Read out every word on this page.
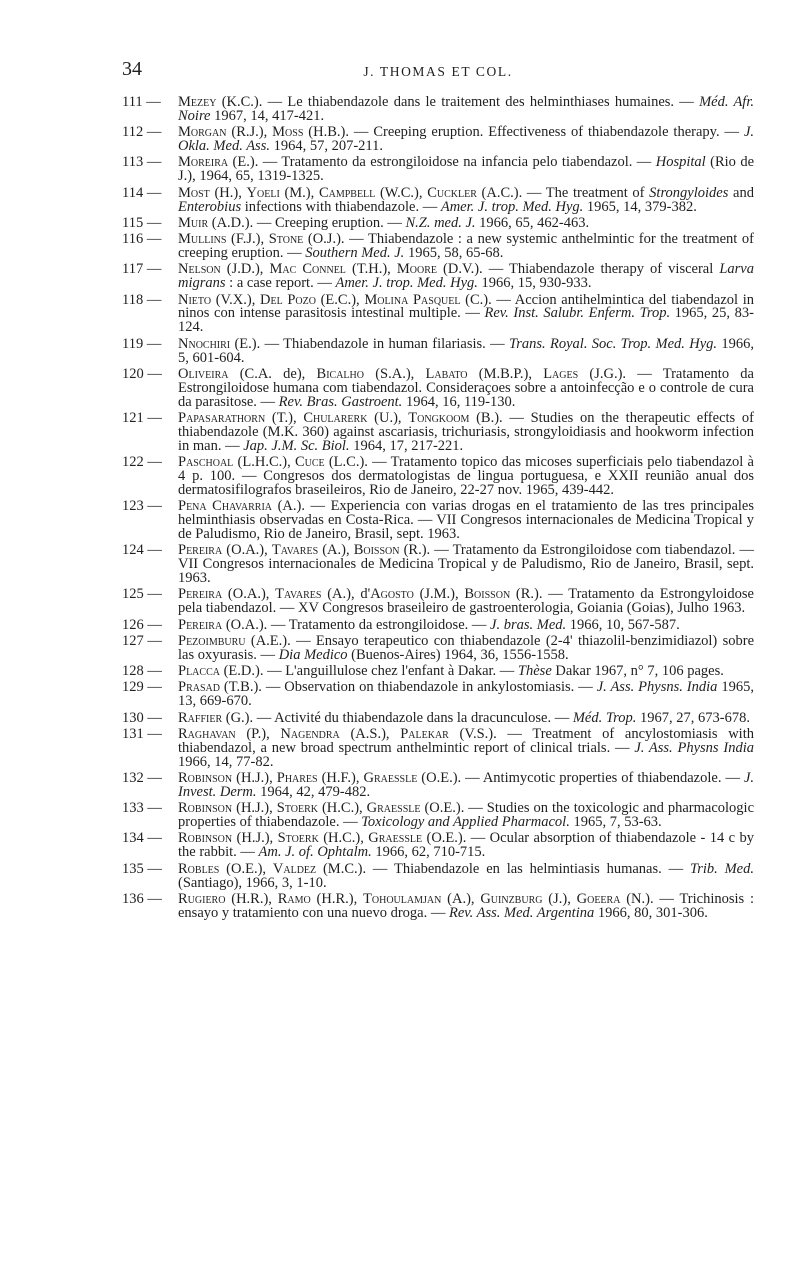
34	J. THOMAS ET COL.
111 —	Mezey (K.C.). — Le thiabendazole dans le traitement des helminthiases humaines. — Méd. Afr. Noire 1967, 14, 417-421.
112 —	Morgan (R.J.), Moss (H.B.). — Creeping eruption. Effectiveness of thiabendazole therapy. — J. Okla. Med. Ass. 1964, 57, 207-211.
113 —	Moreira (E.). — Tratamento da estrongiloidose na infancia pelo tiabendazol. — Hospital (Rio de J.), 1964, 65, 1319-1325.
114 —	Most (H.), Yoeli (M.), Campbell (W.C.), Cuckler (A.C.). — The treatment of Strongyloides and Enterobius infections with thiabendazole. — Amer. J. trop. Med. Hyg. 1965, 14, 379-382.
115 —	Muir (A.D.). — Creeping eruption. — N.Z. med. J. 1966, 65, 462-463.
116 —	Mullins (F.J.), Stone (O.J.). — Thiabendazole : a new systemic anthelmintic for the treatment of creeping eruption. — Southern Med. J. 1965, 58, 65-68.
117 —	Nelson (J.D.), Mac Connel (T.H.), Moore (D.V.). — Thiabendazole therapy of visceral Larva migrans : a case report. — Amer. J. trop. Med. Hyg. 1966, 15, 930-933.
118 —	Nieto (V.X.), Del Pozo (E.C.), Molina Pasquel (C.). — Accion antihelmintica del tiabendazol in ninos con intense parasitosis intestinal multiple. — Rev. Inst. Salubr. Enferm. Trop. 1965, 25, 83-124.
119 —	Nnochiri (E.). — Thiabendazole in human filariasis. — Trans. Royal. Soc. Trop. Med. Hyg. 1966, 5, 601-604.
120 —	Oliveira (C.A. de), Bicalho (S.A.), Labato (M.B.P.), Lages (J.G.). — Tratamento da Estrongiloidose humana com tiabendazol. Consideraçoes sobre a antoinfecção e o controle de cura da parasitose. — Rev. Bras. Gastroent. 1964, 16, 119-130.
121 —	Papasarathorn (T.), Chularerk (U.), Tongkoom (B.). — Studies on the therapeutic effects of thiabendazole (M.K. 360) against ascariasis, trichuriasis, strongyloidiasis and hookworm infection in man. — Jap. J.M. Sc. Biol. 1964, 17, 217-221.
122 —	Paschoal (L.H.C.), Cuce (L.C.). — Tratamento topico das micoses superficiais pelo tiabendazol à 4 p. 100. — Congresos dos dermatologistas de lingua portuguesa, e XXII reunião anual dos dermatosifilografos braseileiros, Rio de Janeiro, 22-27 nov. 1965, 439-442.
123 —	Pena Chavarria (A.). — Experiencia con varias drogas en el tratamiento de las tres principales helminthiasis observadas en Costa-Rica. — VII Congresos internacionales de Medicina Tropical y de Paludismo, Rio de Janeiro, Brasil, sept. 1963.
124 —	Pereira (O.A.), Tavares (A.), Boisson (R.). — Tratamento da Estrongiloidose com tiabendazol. — VII Congresos internacionales de Medicina Tropical y de Paludismo, Rio de Janeiro, Brasil, sept. 1963.
125 —	Pereira (O.A.), Tavares (A.), d'Agosto (J.M.), Boisson (R.). — Tratamento da Estrongyloidose pela tiabendazol. — XV Congresos braseileiro de gastroenterologia, Goiania (Goias), Julho 1963.
126 —	Pereira (O.A.). — Tratamento da estrongiloidose. — J. bras. Med. 1966, 10, 567-587.
127 —	Pezoimburu (A.E.). — Ensayo terapeutico con thiabendazole (2-4' thiazolil-benzimidiazol) sobre las oxyurasis. — Dia Medico (Buenos-Aires) 1964, 36, 1556-1558.
128 —	Placca (E.D.). — L'anguillulose chez l'enfant à Dakar. — Thèse Dakar 1967, n° 7, 106 pages.
129 —	Prasad (T.B.). — Observation on thiabendazole in ankylostomiasis. — J. Ass. Physns. India 1965, 13, 669-670.
130 —	Raffier (G.). — Activité du thiabendazole dans la dracunculose. — Méd. Trop. 1967, 27, 673-678.
131 —	Raghavan (P.), Nagendra (A.S.), Palekar (V.S.). — Treatment of ancylostomiasis with thiabendazol, a new broad spectrum anthelmintic report of clinical trials. — J. Ass. Physns India 1966, 14, 77-82.
132 —	Robinson (H.J.), Phares (H.F.), Graessle (O.E.). — Antimycotic properties of thiabendazole. — J. Invest. Derm. 1964, 42, 479-482.
133 —	Robinson (H.J.), Stoerk (H.C.), Graessle (O.E.). — Studies on the toxicologic and pharmacologic properties of thiabendazole. — Toxicology and Applied Pharmacol. 1965, 7, 53-63.
134 —	Robinson (H.J.), Stoerk (H.C.), Graessle (O.E.). — Ocular absorption of thiabendazole - 14 c by the rabbit. — Am. J. of. Ophtalm. 1966, 62, 710-715.
135 —	Robles (O.E.), Valdez (M.C.). — Thiabendazole en las helmintiasis humanas. — Trib. Med. (Santiago), 1966, 3, 1-10.
136 —	Rugiero (H.R.), Ramo (H.R.), Tohoulamjan (A.), Guinzburg (J.), Goeera (N.). — Trichinosis : ensayo y tratamiento con una nuevo droga. — Rev. Ass. Med. Argentina 1966, 80, 301-306.
